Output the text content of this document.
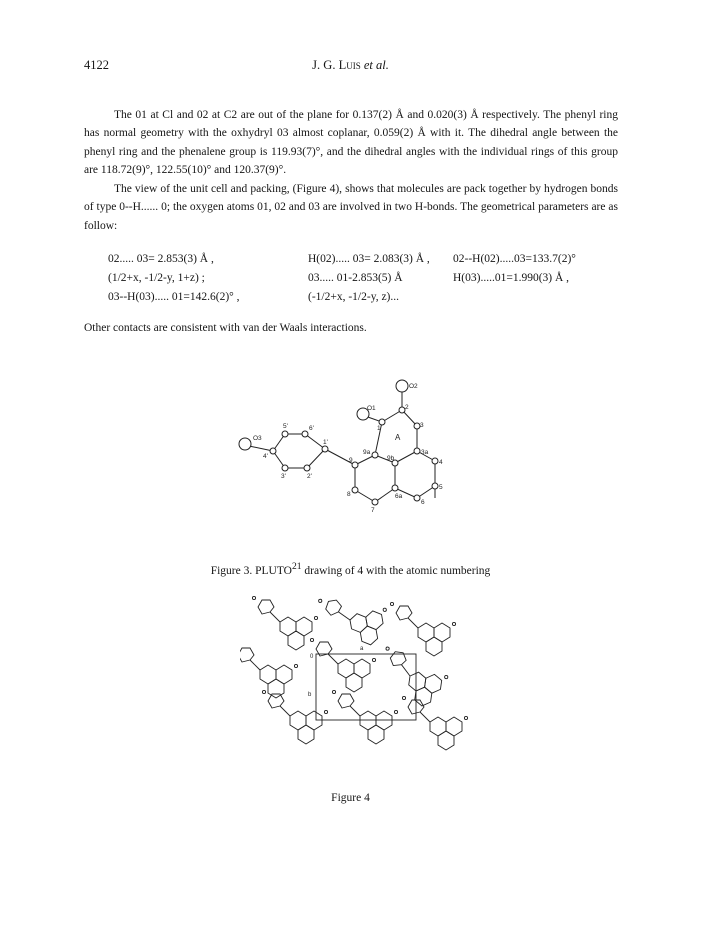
4122	J. G. Luis et al.

The 01 at Cl and 02 at C2 are out of the plane for 0.137(2) Å and 0.020(3) Å respectively. The phenyl ring has normal geometry with the oxhydryl 03 almost coplanar, 0.059(2) Å with it. The dihedral angle between the phenyl ring and the phenalene group is 119.93(7)°, and the dihedral angles with the individual rings of this group are 118.72(9)°, 122.55(10)° and 120.37(9)°.

The view of the unit cell and packing, (Figure 4), shows that molecules are pack together by hydrogen bonds of type 0--H...... 0; the oxygen atoms 01, 02 and 03 are involved in two H-bonds. The geometrical parameters are as follow:

02..... 03= 2.853(3) Å ,	H(02)..... 03= 2.083(3) Å ,	02--H(02).....03=133.7(2)°
(1/2+x, -1/2-y, 1+z) ;	03..... 01-2.853(5) Å	H(03).....01=1.990(3) Å ,
03--H(03)..... 01=142.6(2)° ,	(-1/2+x, -1/2-y, z)...
Other contacts are consistent with van der Waals interactions.
O2
O1
O3
1
2
3
3a
4
5
6
6a
7
8
9
9a
9b
A
1'
2'
3'
4'
5'	6'
Figure 3. PLUTO$^{21}$ drawing of 4 with the atomic numbering
0
a
b
Figure 4
